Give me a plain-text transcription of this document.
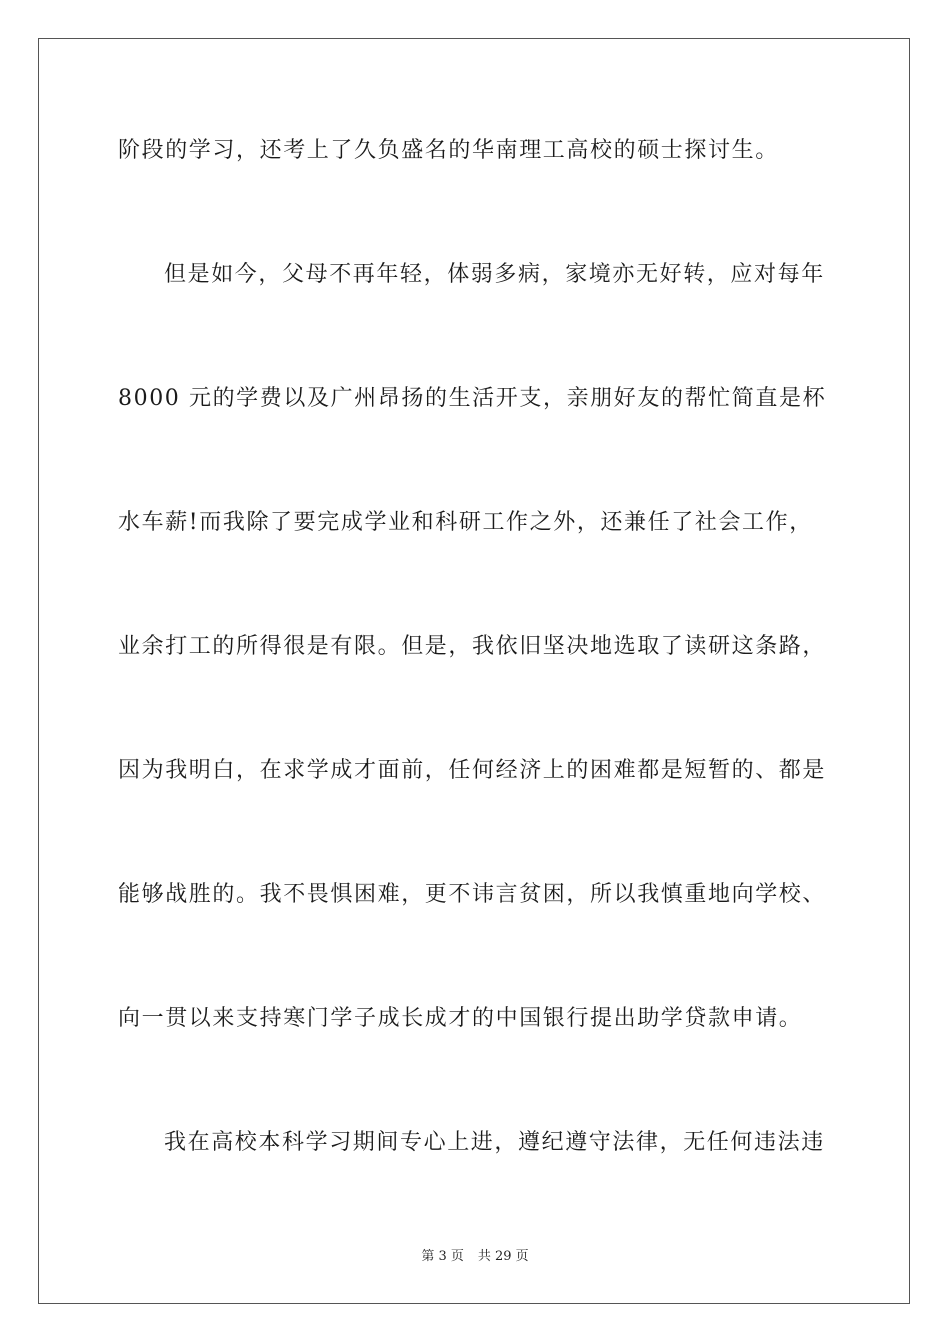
阶段的学习，还考上了久负盛名的华南理工高校的硕士探讨生。
但是如今，父母不再年轻，体弱多病，家境亦无好转，应对每年
8000 元的学费以及广州昂扬的生活开支，亲朋好友的帮忙简直是杯
水车薪!而我除了要完成学业和科研工作之外，还兼任了社会工作，
业余打工的所得很是有限。但是，我依旧坚决地选取了读研这条路，
因为我明白，在求学成才面前，任何经济上的困难都是短暂的、都是
能够战胜的。我不畏惧困难，更不讳言贫困，所以我慎重地向学校、
向一贯以来支持寒门学子成长成才的中国银行提出助学贷款申请。
我在高校本科学习期间专心上进，遵纪遵守法律，无任何违法违
第 3 页 共 29 页
